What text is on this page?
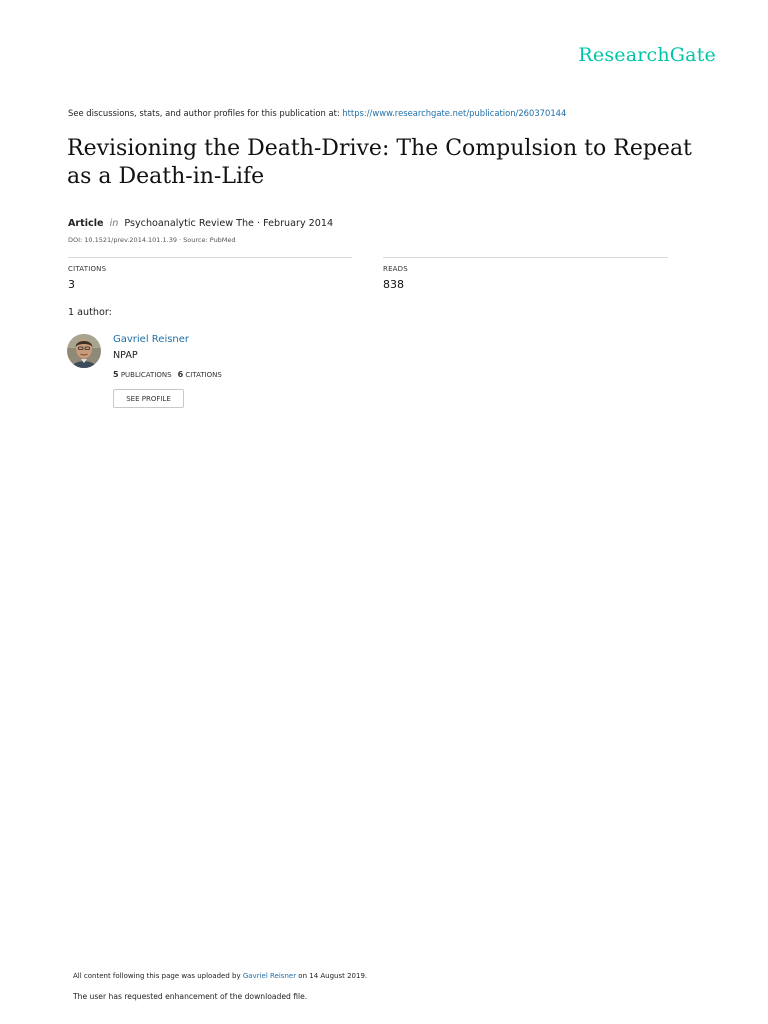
ResearchGate
See discussions, stats, and author profiles for this publication at: https://www.researchgate.net/publication/260370144
Revisioning the Death-Drive: The Compulsion to Repeat as a Death-in-Life
Article in Psychoanalytic Review The · February 2014
DOI: 10.1521/prev.2014.101.1.39 · Source: PubMed
CITATIONS
3
READS
838
1 author:
Gavriel Reisner
NPAP
5 PUBLICATIONS 6 CITATIONS
SEE PROFILE
All content following this page was uploaded by Gavriel Reisner on 14 August 2019.
The user has requested enhancement of the downloaded file.
